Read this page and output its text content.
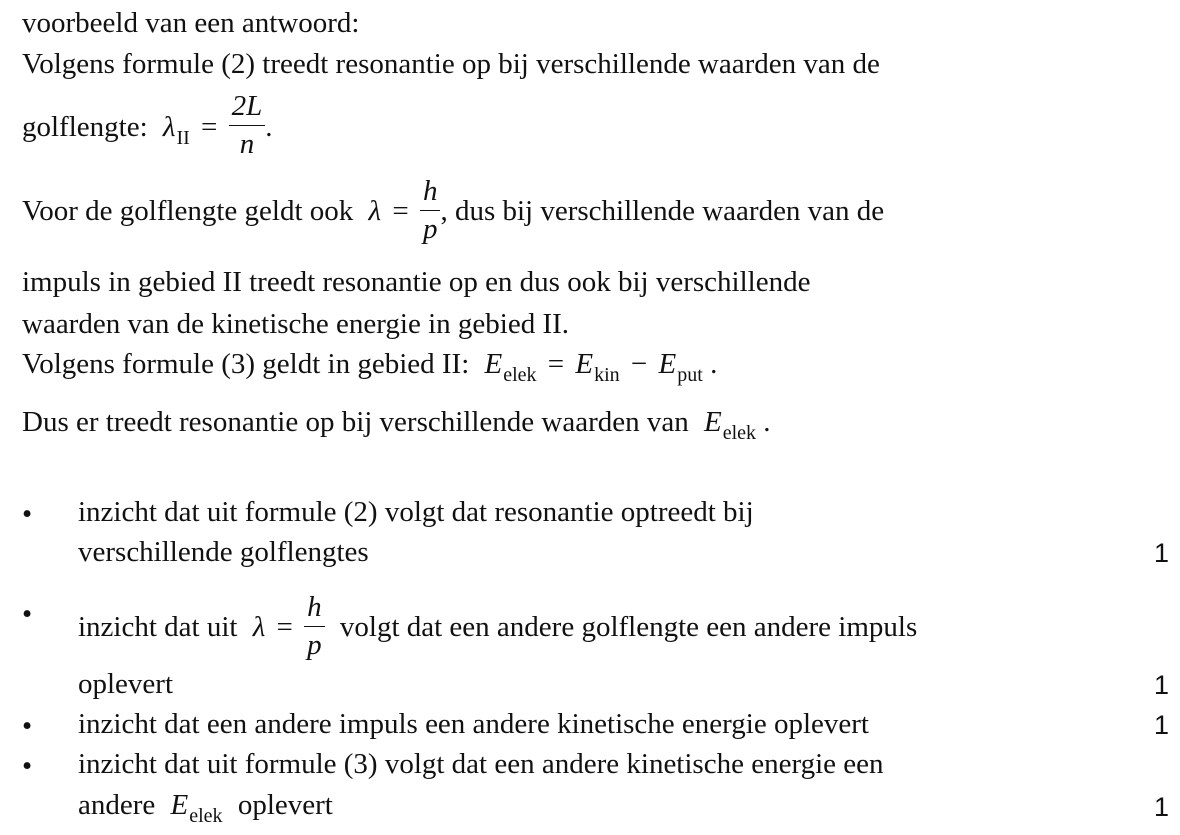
voorbeeld van een antwoord:
Volgens formule (2) treedt resonantie op bij verschillende waarden van de
golflengte: $\lambda_{II} = \frac{2L}{n}$ .
Voor de golflengte geldt ook $\lambda = \frac{h}{p}$ , dus bij verschillende waarden van de
impuls in gebied II treedt resonantie op en dus ook bij verschillende
waarden van de kinetische energie in gebied II.
Volgens formule (3) geldt in gebied II: $E_{elek} = E_{kin} - E_{put}$ .
Dus er treedt resonantie op bij verschillende waarden van $E_{elek}$ .
• inzicht dat uit formule (2) volgt dat resonantie optreedt bij
verschillende golflengtes	1
• inzicht dat uit $\lambda = \frac{h}{p}$ volgt dat een andere golflengte een andere impuls
oplevert	1
• inzicht dat een andere impuls een andere kinetische energie oplevert	1
• inzicht dat uit formule (3) volgt dat een andere kinetische energie een
andere $E_{elek}$ oplevert	1
